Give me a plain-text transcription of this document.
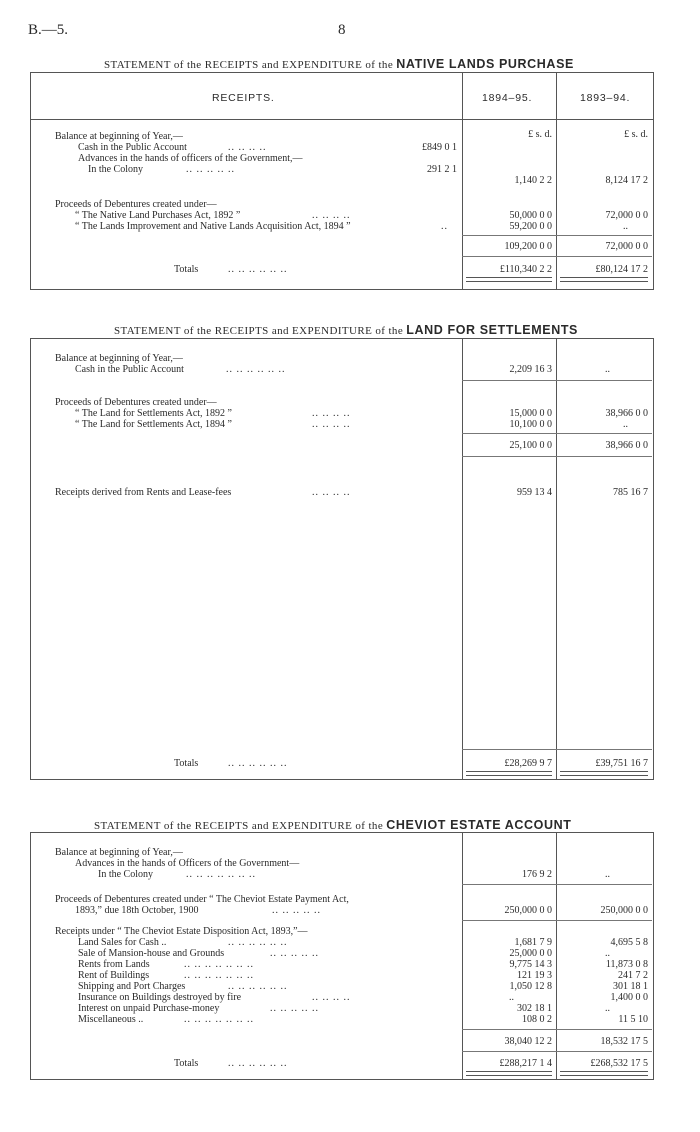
B.—5.	8
STATEMENT of the RECEIPTS and EXPENDITURE of the NATIVE LANDS PURCHASE
RECEIPTS.	1894–95.	1893–94.
£ s. d.	£ s. d.
Balance at beginning of Year,—
Cash in the Public Account	.. .. .. ..	£849 0 1
Advances in the hands of officers of the Government,—
In the Colony	.. .. .. .. ..	291 2 1
1,140 2 2	8,124 17 2
Proceeds of Debentures created under—
“ The Native Land Purchases Act, 1892 ”	.. .. .. ..	50,000 0 0	72,000 0 0
“ The Lands Improvement and Native Lands Acquisition Act, 1894 ”	..	59,200 0 0	..
109,200 0 0	72,000 0 0
Totals	.. .. .. .. .. ..	£110,340 2 2	£80,124 17 2
STATEMENT of the RECEIPTS and EXPENDITURE of the LAND FOR SETTLEMENTS
Balance at beginning of Year,—
Cash in the Public Account	.. .. .. .. .. ..	2,209 16 3	..
Proceeds of Debentures created under—
“ The Land for Settlements Act, 1892 ”	.. .. .. ..	15,000 0 0	38,966 0 0
“ The Land for Settlements Act, 1894 ”	.. .. .. ..	10,100 0 0	..
25,100 0 0	38,966 0 0
Receipts derived from Rents and Lease-fees	.. .. .. ..	959 13 4	785 16 7
Totals	.. .. .. .. .. ..	£28,269 9 7	£39,751 16 7
STATEMENT of the RECEIPTS and EXPENDITURE of the CHEVIOT ESTATE ACCOUNT
Balance at beginning of Year,—
Advances in the hands of Officers of the Government—
In the Colony	.. .. .. .. .. .. ..	176 9 2	..
Proceeds of Debentures created under “ The Cheviot Estate Payment Act,
1893,” due 18th October, 1900	.. .. .. .. ..	250,000 0 0	250,000 0 0
Receipts under “ The Cheviot Estate Disposition Act, 1893,”—
Land Sales for Cash ..	.. .. .. .. .. ..	1,681 7 9	4,695 5 8
Sale of Mansion-house and Grounds	.. .. .. .. ..	25,000 0 0	..
Rents from Lands	.. .. .. .. .. .. ..	9,775 14 3	11,873 0 8
Rent of Buildings	.. .. .. .. .. .. ..	121 19 3	241 7 2
Shipping and Port Charges	.. .. .. .. .. ..	1,050 12 8	301 18 1
Insurance on Buildings destroyed by fire	.. .. .. ..	..	1,400 0 0
Interest on unpaid Purchase-money	.. .. .. .. ..	302 18 1	..
Miscellaneous ..	.. .. .. .. .. .. ..	108 0 2	11 5 10
38,040 12 2	18,532 17 5
Totals	.. .. .. .. .. ..	£288,217 1 4	£268,532 17 5
